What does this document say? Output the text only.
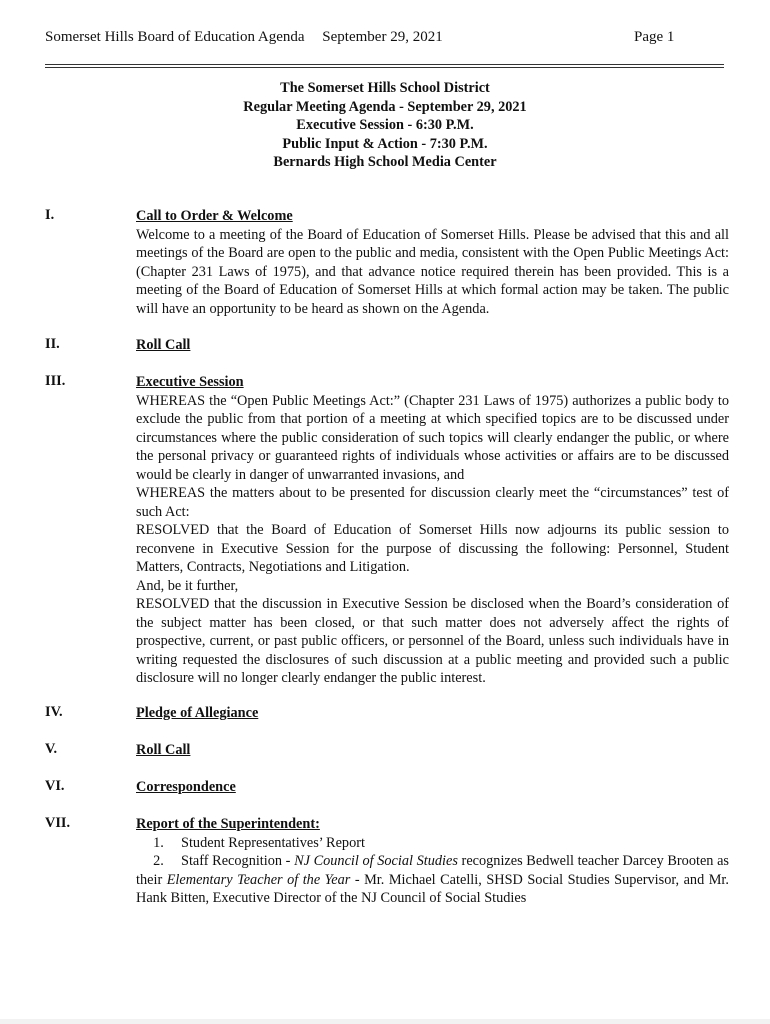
Somerset Hills Board of Education Agenda September 29, 2021	Page 1
The Somerset Hills School District
Regular Meeting Agenda - September 29, 2021
Executive Session - 6:30 P.M.
Public Input & Action - 7:30 P.M.
Bernards High School Media Center
I.	Call to Order & Welcome
Welcome to a meeting of the Board of Education of Somerset Hills. Please be advised that this and all meetings of the Board are open to the public and media, consistent with the Open Public Meetings Act: (Chapter 231 Laws of 1975), and that advance notice required therein has been provided. This is a meeting of the Board of Education of Somerset Hills at which formal action may be taken. The public will have an opportunity to be heard as shown on the Agenda.
II.	Roll Call
III.	Executive Session
WHEREAS the “Open Public Meetings Act:” (Chapter 231 Laws of 1975) authorizes a public body to exclude the public from that portion of a meeting at which specified topics are to be discussed under circumstances where the public consideration of such topics will clearly endanger the public, or where the personal privacy or guaranteed rights of individuals whose activities or affairs are to be discussed would be clearly in danger of unwarranted invasions, and
WHEREAS the matters about to be presented for discussion clearly meet the “circumstances” test of such Act:
RESOLVED that the Board of Education of Somerset Hills now adjourns its public session to reconvene in Executive Session for the purpose of discussing the following: Personnel, Student Matters, Contracts, Negotiations and Litigation.
And, be it further,
RESOLVED that the discussion in Executive Session be disclosed when the Board’s consideration of the subject matter has been closed, or that such matter does not adversely affect the rights of prospective, current, or past public officers, or personnel of the Board, unless such individuals have in writing requested the disclosures of such discussion at a public meeting and provided such a public disclosure will no longer clearly endanger the public interest.
IV.	Pledge of Allegiance
V.	Roll Call
VI.	Correspondence
VII.	Report of the Superintendent:
1. Student Representatives’ Report
2. Staff Recognition - NJ Council of Social Studies recognizes Bedwell teacher Darcey Brooten as their Elementary Teacher of the Year - Mr. Michael Catelli, SHSD Social Studies Supervisor, and Mr. Hank Bitten, Executive Director of the NJ Council of Social Studies
